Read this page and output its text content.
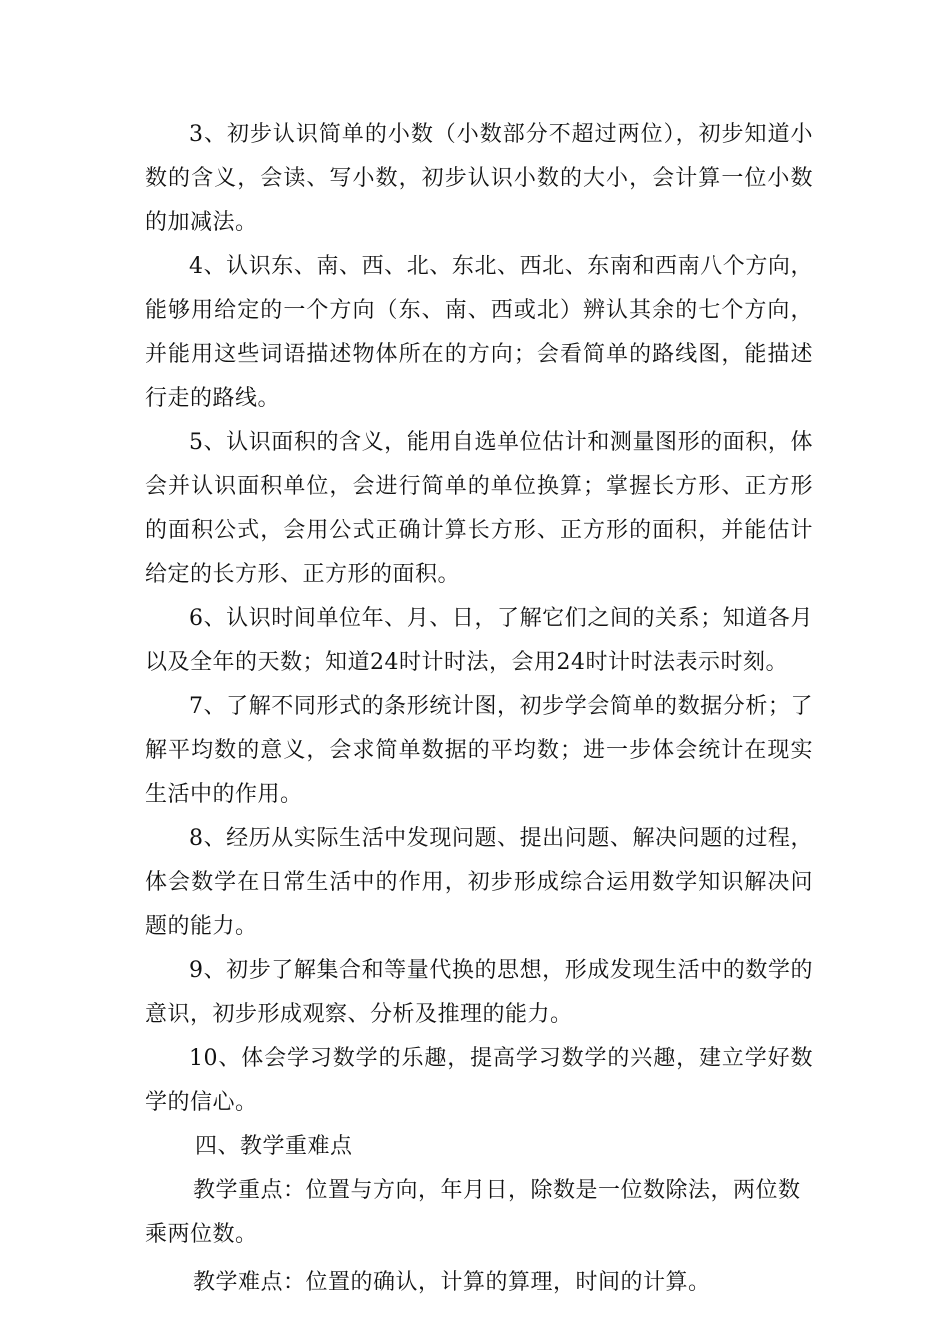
3、初步认识简单的小数（小数部分不超过两位），初步知道小数的含义，会读、写小数，初步认识小数的大小，会计算一位小数的加减法。

4、认识东、南、西、北、东北、西北、东南和西南八个方向，能够用给定的一个方向（东、南、西或北）辨认其余的七个方向，并能用这些词语描述物体所在的方向；会看简单的路线图，能描述行走的路线。

5、认识面积的含义，能用自选单位估计和测量图形的面积，体会并认识面积单位，会进行简单的单位换算；掌握长方形、正方形的面积公式，会用公式正确计算长方形、正方形的面积，并能估计给定的长方形、正方形的面积。

6、认识时间单位年、月、日，了解它们之间的关系；知道各月以及全年的天数；知道24时计时法，会用24时计时法表示时刻。

7、了解不同形式的条形统计图，初步学会简单的数据分析；了解平均数的意义，会求简单数据的平均数；进一步体会统计在现实生活中的作用。

8、经历从实际生活中发现问题、提出问题、解决问题的过程，体会数学在日常生活中的作用，初步形成综合运用数学知识解决问题的能力。

9、初步了解集合和等量代换的思想，形成发现生活中的数学的意识，初步形成观察、分析及推理的能力。

10、体会学习数学的乐趣，提高学习数学的兴趣，建立学好数学的信心。

四、教学重难点

教学重点：位置与方向，年月日，除数是一位数除法，两位数乘两位数。

教学难点：位置的确认，计算的算理，时间的计算。
